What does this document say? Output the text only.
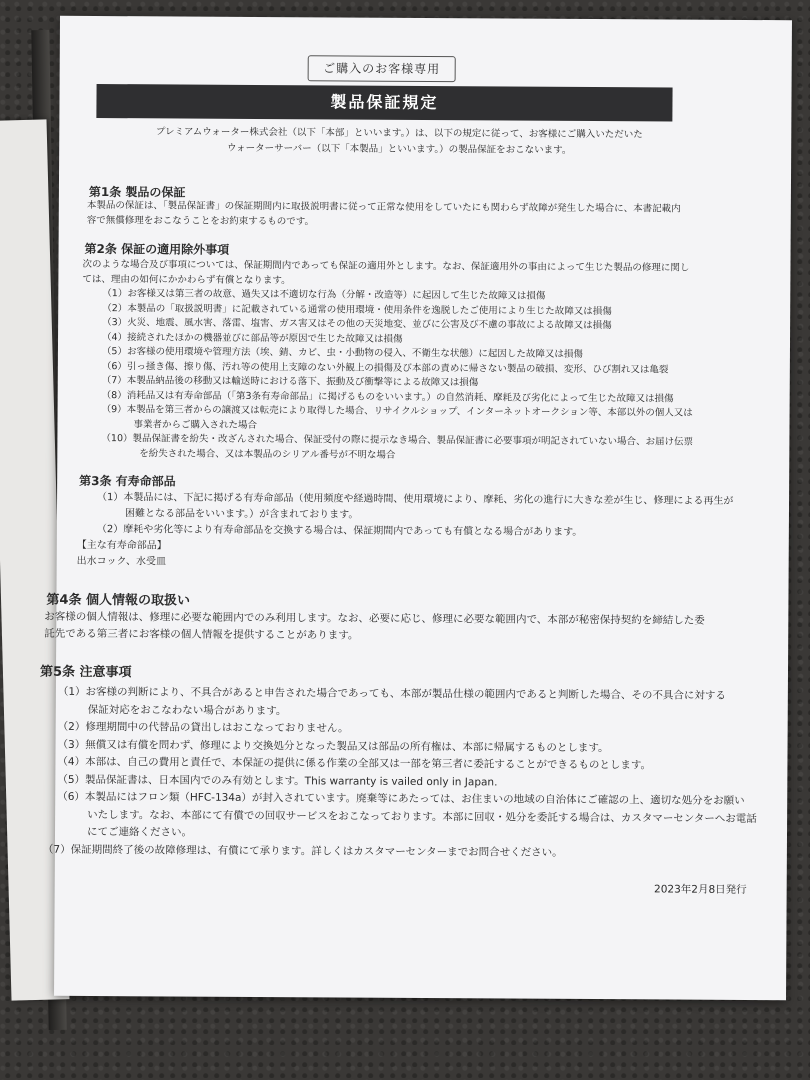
ご購入のお客様専用
製品保証規定
プレミアムウォーター株式会社（以下「本部」といいます。）は、以下の規定に従って、お客様にご購入いただいた
ウォーターサーバー（以下「本製品」といいます。）の製品保証をおこないます。
第1条 製品の保証
本製品の保証は、「製品保証書」の保証期間内に取扱説明書に従って正常な使用をしていたにも関わらず故障が発生した場合に、本書記載内
容で無償修理をおこなうことをお約束するものです。
第2条 保証の適用除外事項
次のような場合及び事項については、保証期間内であっても保証の適用外とします。なお、保証適用外の事由によって生じた製品の修理に関し
ては、理由の如何にかかわらず有償となります。
（1）お客様又は第三者の故意、過失又は不適切な行為（分解・改造等）に起因して生じた故障又は損傷
（2）本製品の「取扱説明書」に記載されている通常の使用環境・使用条件を逸脱したご使用により生じた故障又は損傷
（3）火災、地震、風水害、落雷、塩害、ガス害又はその他の天災地変、並びに公害及び不慮の事故による故障又は損傷
（4）接続されたほかの機器並びに部品等が原因で生じた故障又は損傷
（5）お客様の使用環境や管理方法（埃、錆、カビ、虫・小動物の侵入、不衛生な状態）に起因した故障又は損傷
（6）引っ掻き傷、擦り傷、汚れ等の使用上支障のない外観上の損傷及び本部の責めに帰さない製品の破損、変形、ひび割れ又は亀裂
（7）本製品納品後の移動又は輸送時における落下、振動及び衝撃等による故障又は損傷
（8）消耗品又は有寿命部品（「第3条有寿命部品」に掲げるものをいいます。）の自然消耗、摩耗及び劣化によって生じた故障又は損傷
（9）本製品を第三者からの譲渡又は転売により取得した場合、リサイクルショップ、インターネットオークション等、本部以外の個人又は
事業者からご購入された場合
（10）製品保証書を紛失・改ざんされた場合、保証受付の際に提示なき場合、製品保証書に必要事項が明記されていない場合、お届け伝票
を紛失された場合、又は本製品のシリアル番号が不明な場合
第3条 有寿命部品
（1）本製品には、下記に掲げる有寿命部品（使用頻度や経過時間、使用環境により、摩耗、劣化の進行に大きな差が生じ、修理による再生が
困難となる部品をいいます。）が含まれております。
（2）摩耗や劣化等により有寿命部品を交換する場合は、保証期間内であっても有償となる場合があります。
【主な有寿命部品】
出水コック、水受皿
第4条 個人情報の取扱い
お客様の個人情報は、修理に必要な範囲内でのみ利用します。なお、必要に応じ、修理に必要な範囲内で、本部が秘密保持契約を締結した委
託先である第三者にお客様の個人情報を提供することがあります。
第5条 注意事項
（1）お客様の判断により、不具合があると申告された場合であっても、本部が製品仕様の範囲内であると判断した場合、その不具合に対する
保証対応をおこなわない場合があります。
（2）修理期間中の代替品の貸出しはおこなっておりません。
（3）無償又は有償を問わず、修理により交換処分となった製品又は部品の所有権は、本部に帰属するものとします。
（4）本部は、自己の費用と責任で、本保証の提供に係る作業の全部又は一部を第三者に委託することができるものとします。
（5）製品保証書は、日本国内でのみ有効とします。This warranty is vailed only in Japan.
（6）本製品にはフロン類（HFC-134a）が封入されています。廃棄等にあたっては、お住まいの地域の自治体にご確認の上、適切な処分をお願い
いたします。なお、本部にて有償での回収サービスをおこなっております。本部に回収・処分を委託する場合は、カスタマーセンターへお電話
にてご連絡ください。
（7）保証期間終了後の故障修理は、有償にて承ります。詳しくはカスタマーセンターまでお問合せください。
2023年2月8日発行
